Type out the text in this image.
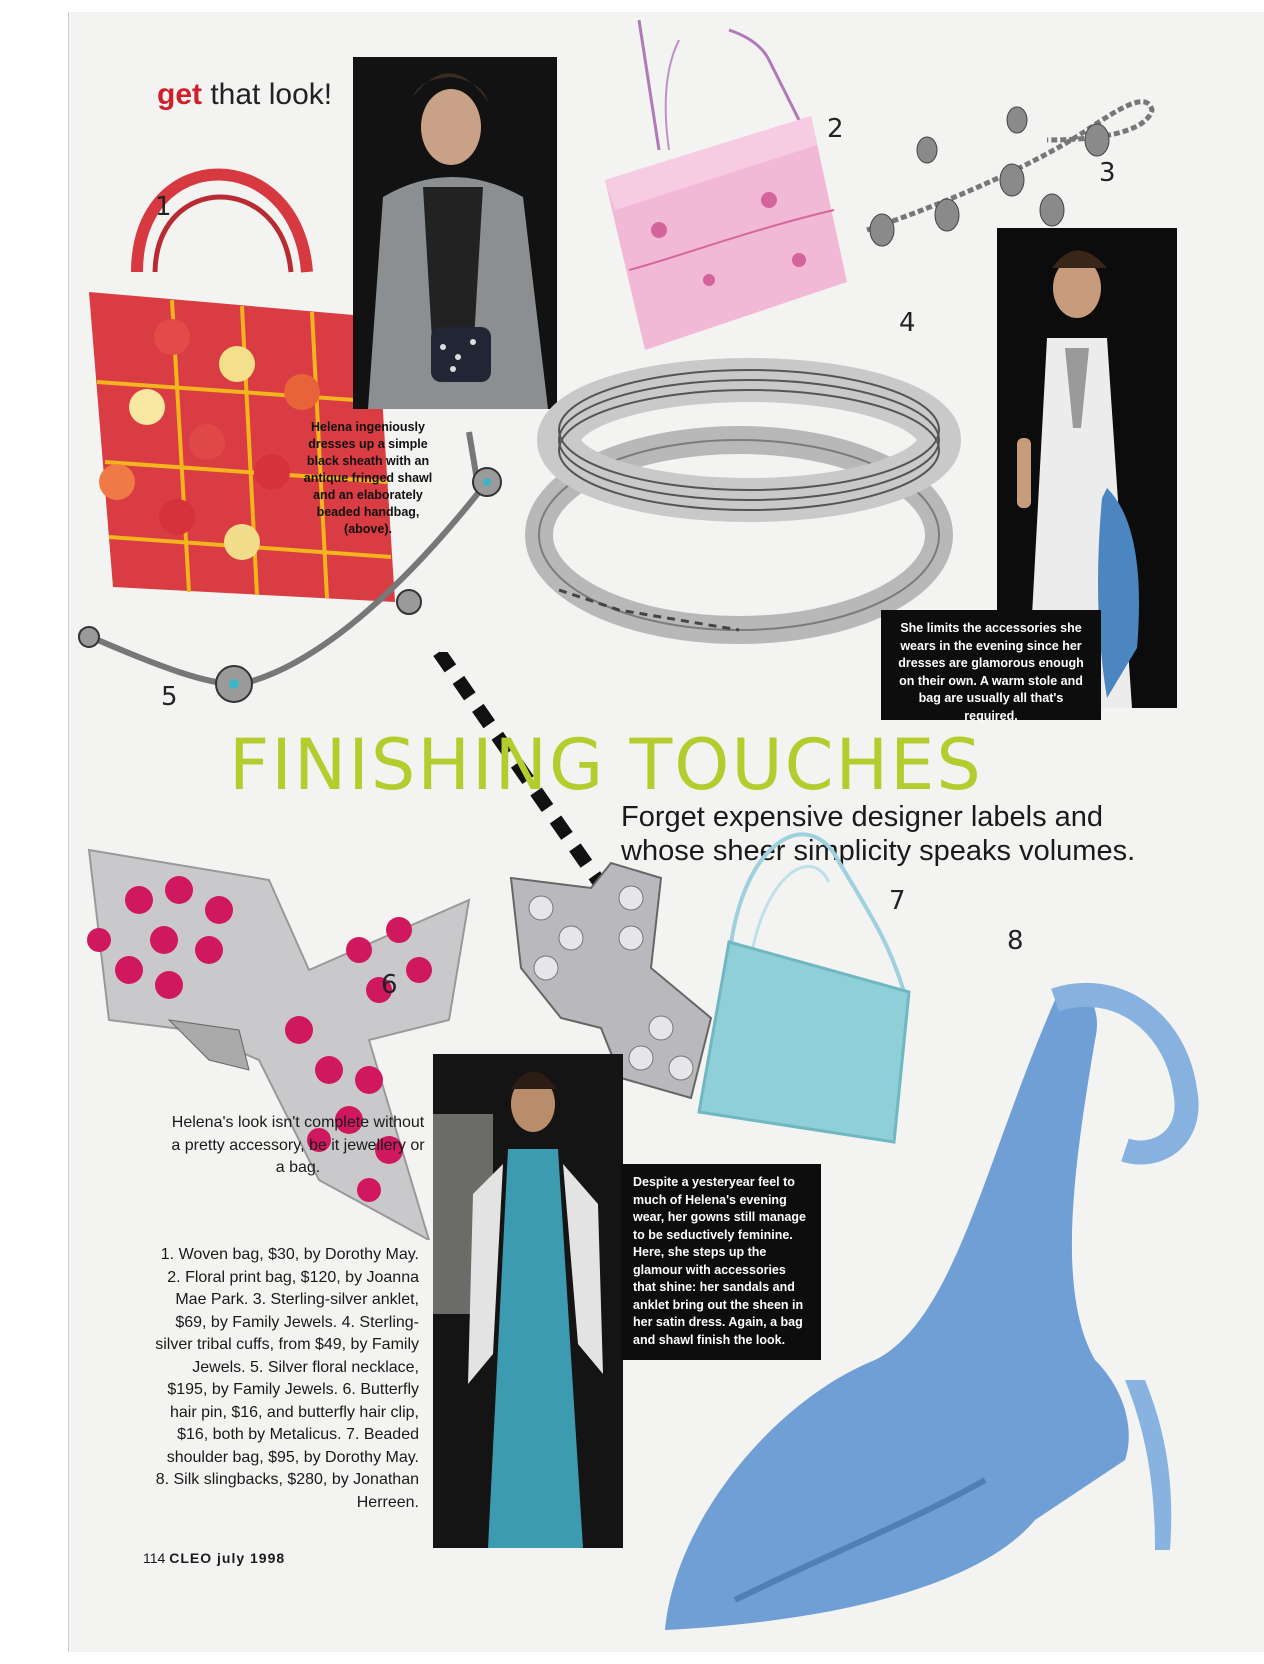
get that look!
1
Helena ingeniously dresses up a simple black sheath with an antique fringed shawl and an elaborately beaded handbag, (above).
2
3
4
She limits the accessories she wears in the evening since her dresses are glamorous enough on their own. A warm stole and bag are usually all that's required.
5
FINISHING TOUCHES
Forget expensive designer labels and whose sheer simplicity speaks volumes.
6
7
8
Despite a yesteryear feel to much of Helena's evening wear, her gowns still manage to be seductively feminine. Here, she steps up the glamour with accessories that shine: her sandals and anklet bring out the sheen in her satin dress. Again, a bag and shawl finish the look.
Helena's look isn't complete without a pretty accessory, be it jewellery or a bag.
1. Woven bag, $30, by Dorothy May. 2. Floral print bag, $120, by Joanna Mae Park. 3. Sterling-silver anklet, $69, by Family Jewels. 4. Sterling-silver tribal cuffs, from $49, by Family Jewels. 5. Silver floral necklace, $195, by Family Jewels. 6. Butterfly hair pin, $16, and butterfly hair clip, $16, both by Metalicus. 7. Beaded shoulder bag, $95, by Dorothy May. 8. Silk slingbacks, $280, by Jonathan Herreen.
114 CLEO july 1998
